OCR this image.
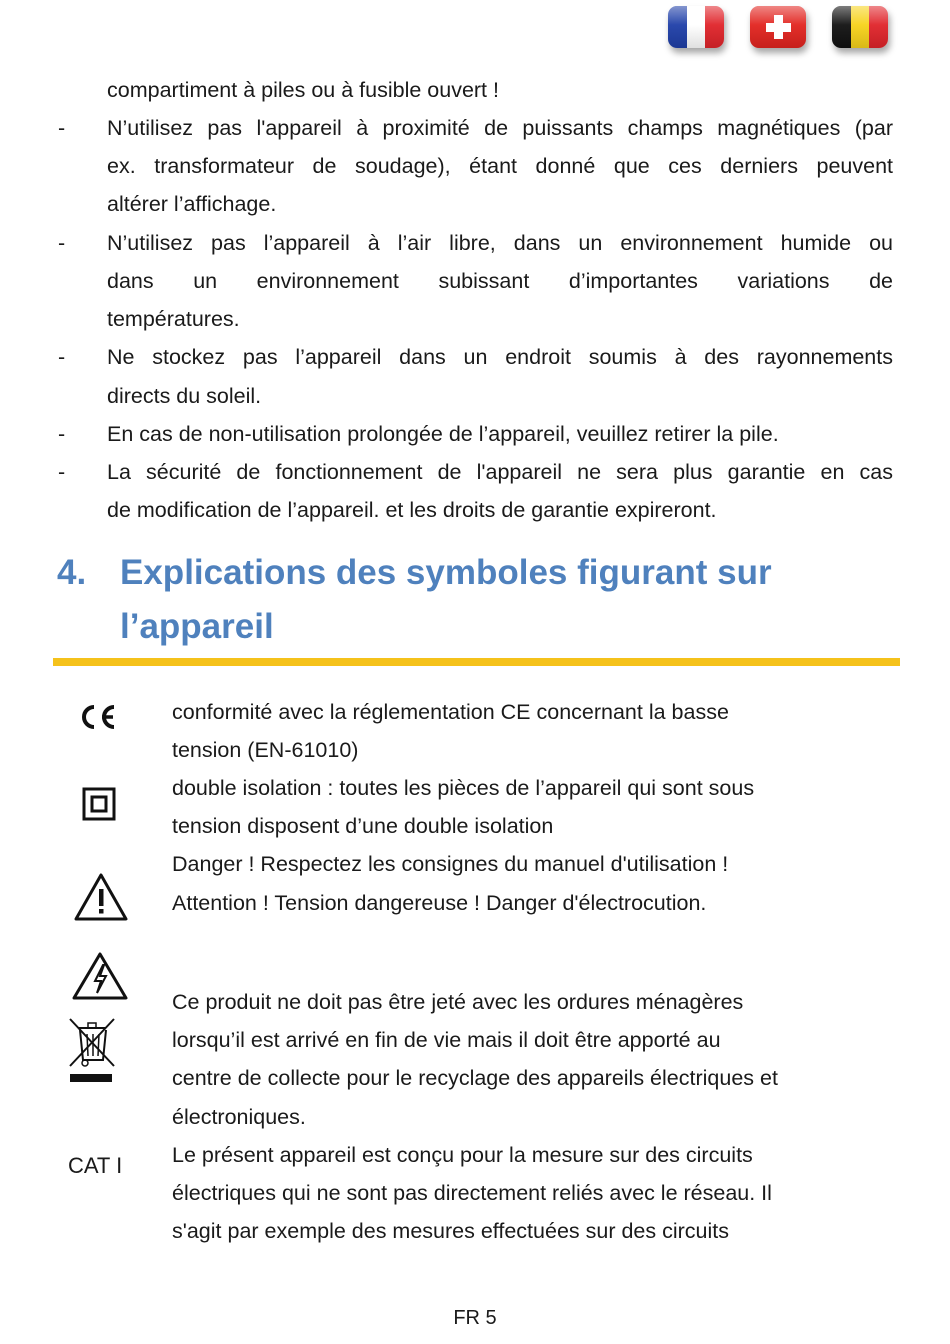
compartiment à piles ou à fusible ouvert !
- N’utilisez pas l'appareil à proximité de puissants champs magnétiques (par
ex. transformateur de soudage), étant donné que ces derniers peuvent
altérer l’affichage.
- N’utilisez pas l’appareil à l’air libre, dans un environnement humide ou
dans un environnement subissant d’importantes variations de
températures.
- Ne stockez pas l’appareil dans un endroit soumis à des rayonnements
directs du soleil.
- En cas de non-utilisation prolongée de l’appareil, veuillez retirer la pile.
- La sécurité de fonctionnement de l'appareil ne sera plus garantie en cas
de modification de l’appareil. et les droits de garantie expireront.
Explications des symboles figurant sur
4.
l’appareil
conformité avec la réglementation CE concernant la basse
tension (EN-61010)
double isolation : toutes les pièces de l’appareil qui sont sous
tension disposent d’une double isolation
Danger ! Respectez les consignes du manuel d'utilisation !
Attention ! Tension dangereuse ! Danger d'électrocution.
Ce produit ne doit pas être jeté avec les ordures ménagères
lorsqu’il est arrivé en fin de vie mais il doit être apporté au
centre de collecte pour le recyclage des appareils électriques et
électroniques.
CAT I Le présent appareil est conçu pour la mesure sur des circuits
électriques qui ne sont pas directement reliés avec le réseau. Il
s'agit par exemple des mesures effectuées sur des circuits
FR 5
